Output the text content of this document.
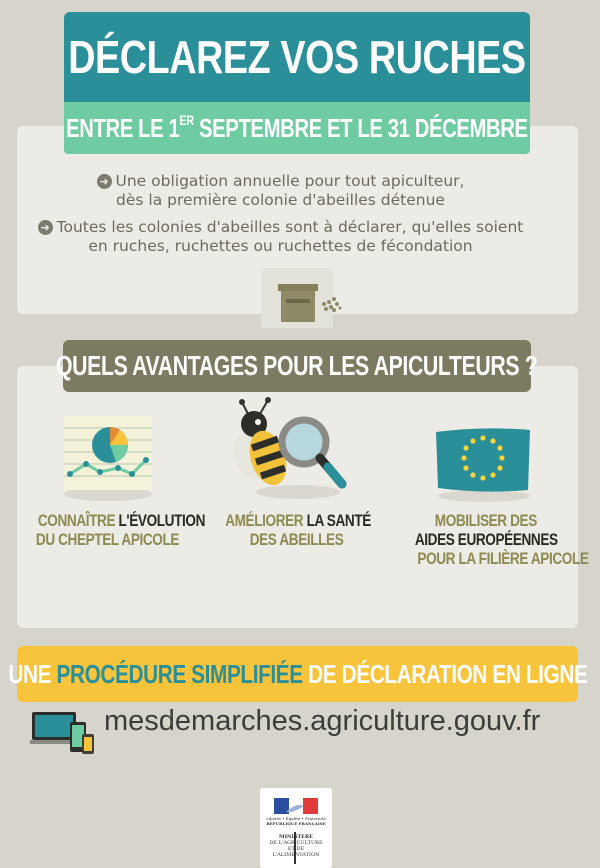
DÉCLAREZ VOS RUCHES
ENTRE LE 1ER SEPTEMBRE ET LE 31 DÉCEMBRE
➜ Une obligation annuelle pour tout apiculteur,
dès la première colonie d'abeilles détenue
➜ Toutes les colonies d'abeilles sont à déclarer, qu'elles soient
en ruches, ruchettes ou ruchettes de fécondation
QUELS AVANTAGES POUR LES APICULTEURS ?
CONNAÎTRE L'ÉVOLUTION
DU CHEPTEL APICOLE
AMÉLIORER LA SANTÉ
DES ABEILLES
MOBILISER DES
AIDES EUROPÉENNES
POUR LA FILIÈRE APICOLE
UNE PROCÉDURE SIMPLIFIÉE DE DÉCLARATION EN LIGNE
mesdemarches.agriculture.gouv.fr
Liberté • Égalité • Fraternité
RÉPUBLIQUE FRANÇAISE
MINISTÈRE
DE L'AGRICULTURE
ET DE
L'ALIMENTATION
